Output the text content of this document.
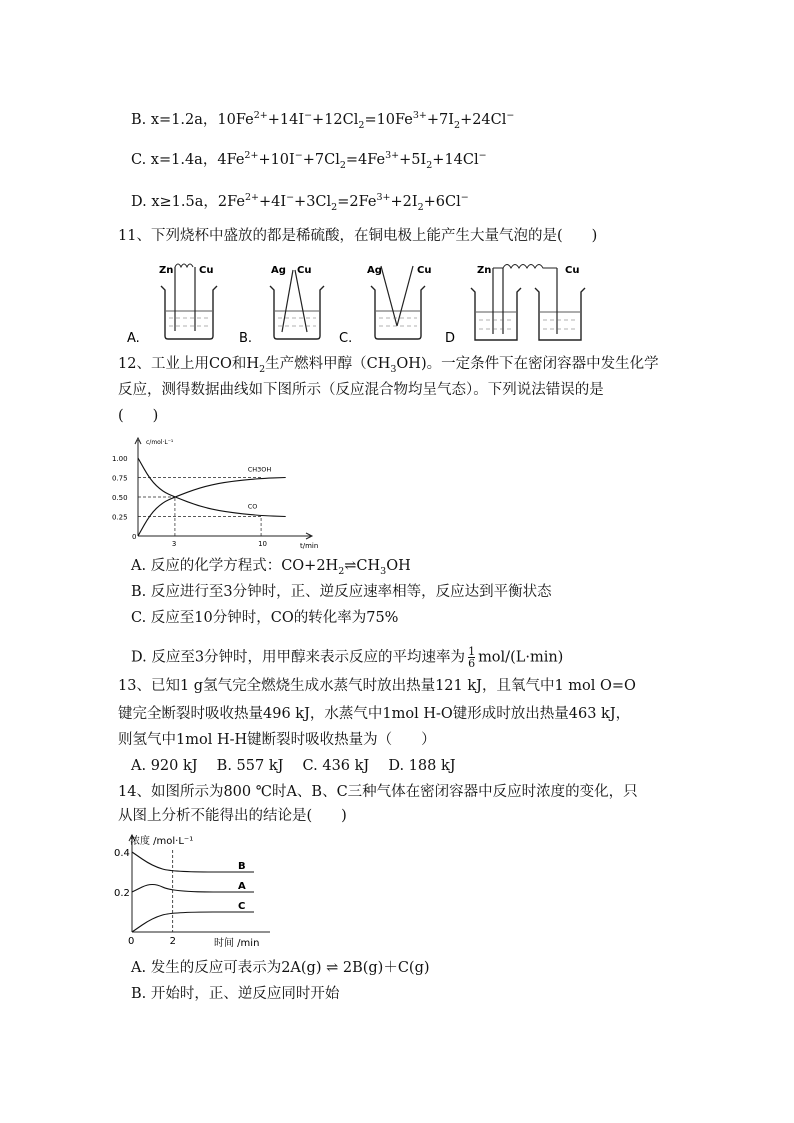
B. x=1.2a，$10Fe^{2+}+14I^-+12Cl_2=10Fe^{3+}+7I_2+24Cl^-$
C. x=1.4a，$4Fe^{2+}+10I^-+7Cl_2=4Fe^{3+}+5I_2+14Cl^-$
D. x≥1.5a，$2Fe^{2+}+4I^-+3Cl_2=2Fe^{3+}+2I_2+6Cl^-$
11、下列烧杯中盛放的都是稀硫酸，在铜电极上能产生大量气泡的是(　　)
A.
Zn	Cu
B.
Ag Cu
C.
Ag	Cu
D
Zn	Cu
12、工业上用CO和$H_2$生产燃料甲醇$(CH_3OH)$。一定条件下在密闭容器中发生化学
反应，测得数据曲线如下图所示（反应混合物均呈气态）。下列说法错误的是
(　　)
c/mol·L⁻¹
t/min
1.00
0.75
0.50
0.25
0
3	10
CH3OH
CO
A. 反应的化学方程式：$CO+2H_2\rightleftharpoons CH_3OH$
B. 反应进行至3分钟时，正、逆反应速率相等，反应达到平衡状态
C. 反应至10分钟时，CO的转化率为75%
D. 反应至3分钟时，用甲醇来表示反应的平均速率为 $\frac{1}{6} mol/(L\cdot\min)$
13、已知1 g氢气完全燃烧生成水蒸气时放出热量121 kJ，且氧气中1 mol O=O
键完全断裂时吸收热量496 kJ，水蒸气中1mol H-O键形成时放出热量463 kJ，
则氢气中1mol H-H键断裂时吸收热量为（　　）
A. 920 kJ　 B. 557 kJ　 C. 436 kJ　 D. 188 kJ
14、如图所示为800 ℃时A、B、C三种气体在密闭容器中反应时浓度的变化，只
从图上分析不能得出的结论是(　　)
浓度 /mol·L⁻¹
时间 /min
0.4
0.2
0	2
B
A
C
A. 发生的反应可表示为2A(g) ⇌ 2B(g)＋C(g)
B. 开始时，正、逆反应同时开始
